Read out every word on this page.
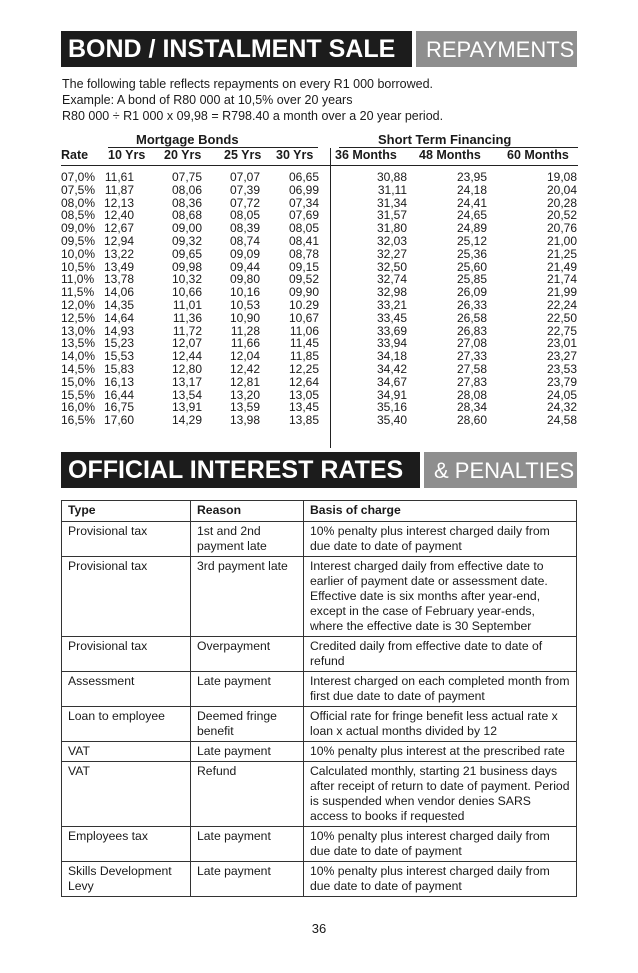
BOND / INSTALMENT SALE	REPAYMENTS
The following table reflects repayments on every R1 000 borrowed.
Example: A bond of R80 000 at 10,5% over 20 years
R80 000 ÷ R1 000 x 09,98 = R798.40 a month over a 20 year period.
Mortgage Bonds	Short Term Financing
Rate 10 Yrs 20 Yrs 25 Yrs 30 Yrs 36 Months 48 Months 60 Months
07,0% 11,61	07,75 07,07 06,65	30,88	23,95	19,08
07,5% 11,87	08,06 07,39 06,99	31,11	24,18	20,04
08,0% 12,13	08,36 07,72 07,34	31,34	24,41	20,28
08,5% 12,40	08,68 08,05 07,69	31,57	24,65	20,52
09,0% 12,67	09,00 08,39 08,05	31,80	24,89	20,76
09,5% 12,94	09,32 08,74 08,41	32,03	25,12	21,00
10,0% 13,22	09,65 09,09 08,78	32,27	25,36	21,25
10,5% 13,49	09,98 09,44 09,15	32,50	25,60	21,49
11,0% 13,78	10,32 09,80 09,52	32,74	25,85	21,74
11,5% 14,06	10,66 10,16 09,90	32,98	26,09	21,99
12,0% 14,35	11,01 10,53 10.29	33,21	26,33	22,24
12,5% 14,64	11,36 10,90 10,67	33,45	26,58	22,50
13,0% 14,93	11,72 11,28 11,06	33,69	26,83	22,75
13,5% 15,23	12,07 11,66 11,45	33,94	27,08	23,01
14,0% 15,53	12,44 12,04 11,85	34,18	27,33	23,27
14,5% 15,83	12,80 12,42 12,25	34,42	27,58	23,53
15,0% 16,13	13,17 12,81 12,64	34,67	27,83	23,79
15,5% 16,44	13,54 13,20 13,05	34,91	28,08	24,05
16,0% 16,75	13,91 13,59 13,45	35,16	28,34	24,32
16,5% 17,60	14,29 13,98 13,85	35,40	28,60	24,58
OFFICIAL INTEREST RATES	& PENALTIES
Type	Reason	Basis of charge
Provisional tax	1st and 2nd payment late	10% penalty plus interest charged daily from due date to date of payment
Provisional tax	3rd payment late	Interest charged daily from effective date to earlier of payment date or assessment date. Effective date is six months after year-end, except in the case of February year-ends, where the effective date is 30 September
Provisional tax	Overpayment	Credited daily from effective date to date of refund
Assessment	Late payment	Interest charged on each completed month from first due date to date of payment
Loan to employee	Deemed fringe benefit	Official rate for fringe benefit less actual rate x loan x actual months divided by 12
VAT	Late payment	10% penalty plus interest at the prescribed rate
VAT	Refund	Calculated monthly, starting 21 business days after receipt of return to date of payment. Period is suspended when vendor denies SARS access to books if requested
Employees tax	Late payment	10% penalty plus interest charged daily from due date to date of payment
Skills Development Levy	Late payment	10% penalty plus interest charged daily from due date to date of payment
36
